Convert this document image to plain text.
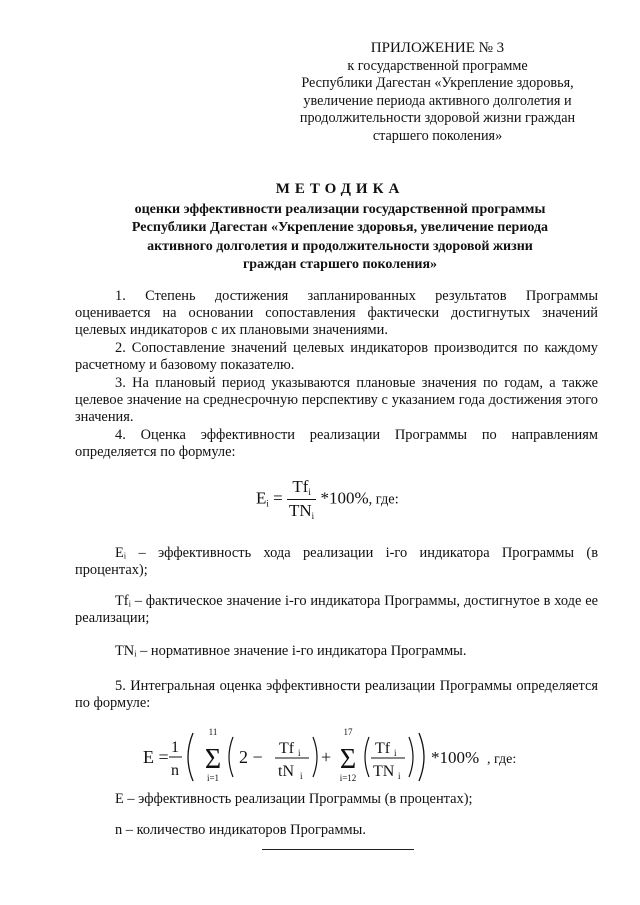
ПРИЛОЖЕНИЕ № 3
к государственной программе
Республики Дагестан «Укрепление здоровья,
увеличение периода активного долголетия и
продолжительности здоровой жизни граждан
старшего поколения»
МЕТОДИКА
оценки эффективности реализации государственной программы
Республики Дагестан «Укрепление здоровья, увеличение периода
активного долголетия и продолжительности здоровой жизни
граждан старшего поколения»

1. Степень достижения запланированных результатов Программы оценивается на основании сопоставления фактически достигнутых значений целевых индикаторов с их плановыми значениями.

2. Сопоставление значений целевых индикаторов производится по каждому расчетному и базовому показателю.

3. На плановый период указываются плановые значения по годам, а также целевое значение на среднесрочную перспективу с указанием года достижения этого значения.

4. Оценка эффективности реализации Программы по направлениям определяется по формуле:

$E_i = \frac{Tf_i}{TN_i} *100\%$, где:

Eᵢ – эффективность хода реализации i-го индикатора Программы (в процентах);

Tfᵢ – фактическое значение i-го индикатора Программы, достигнутое в ходе ее реализации;

TNᵢ – нормативное значение i-го индикатора Программы.

5. Интегральная оценка эффективности реализации Программы определяется по формуле:

E = 1
n
11
Σ
i=1
2 − Tf i
tN i
+
17
Σ
i=12
Tf i
TN i
*100% , где:

E – эффективность реализации Программы (в процентах);

n – количество индикаторов Программы.
